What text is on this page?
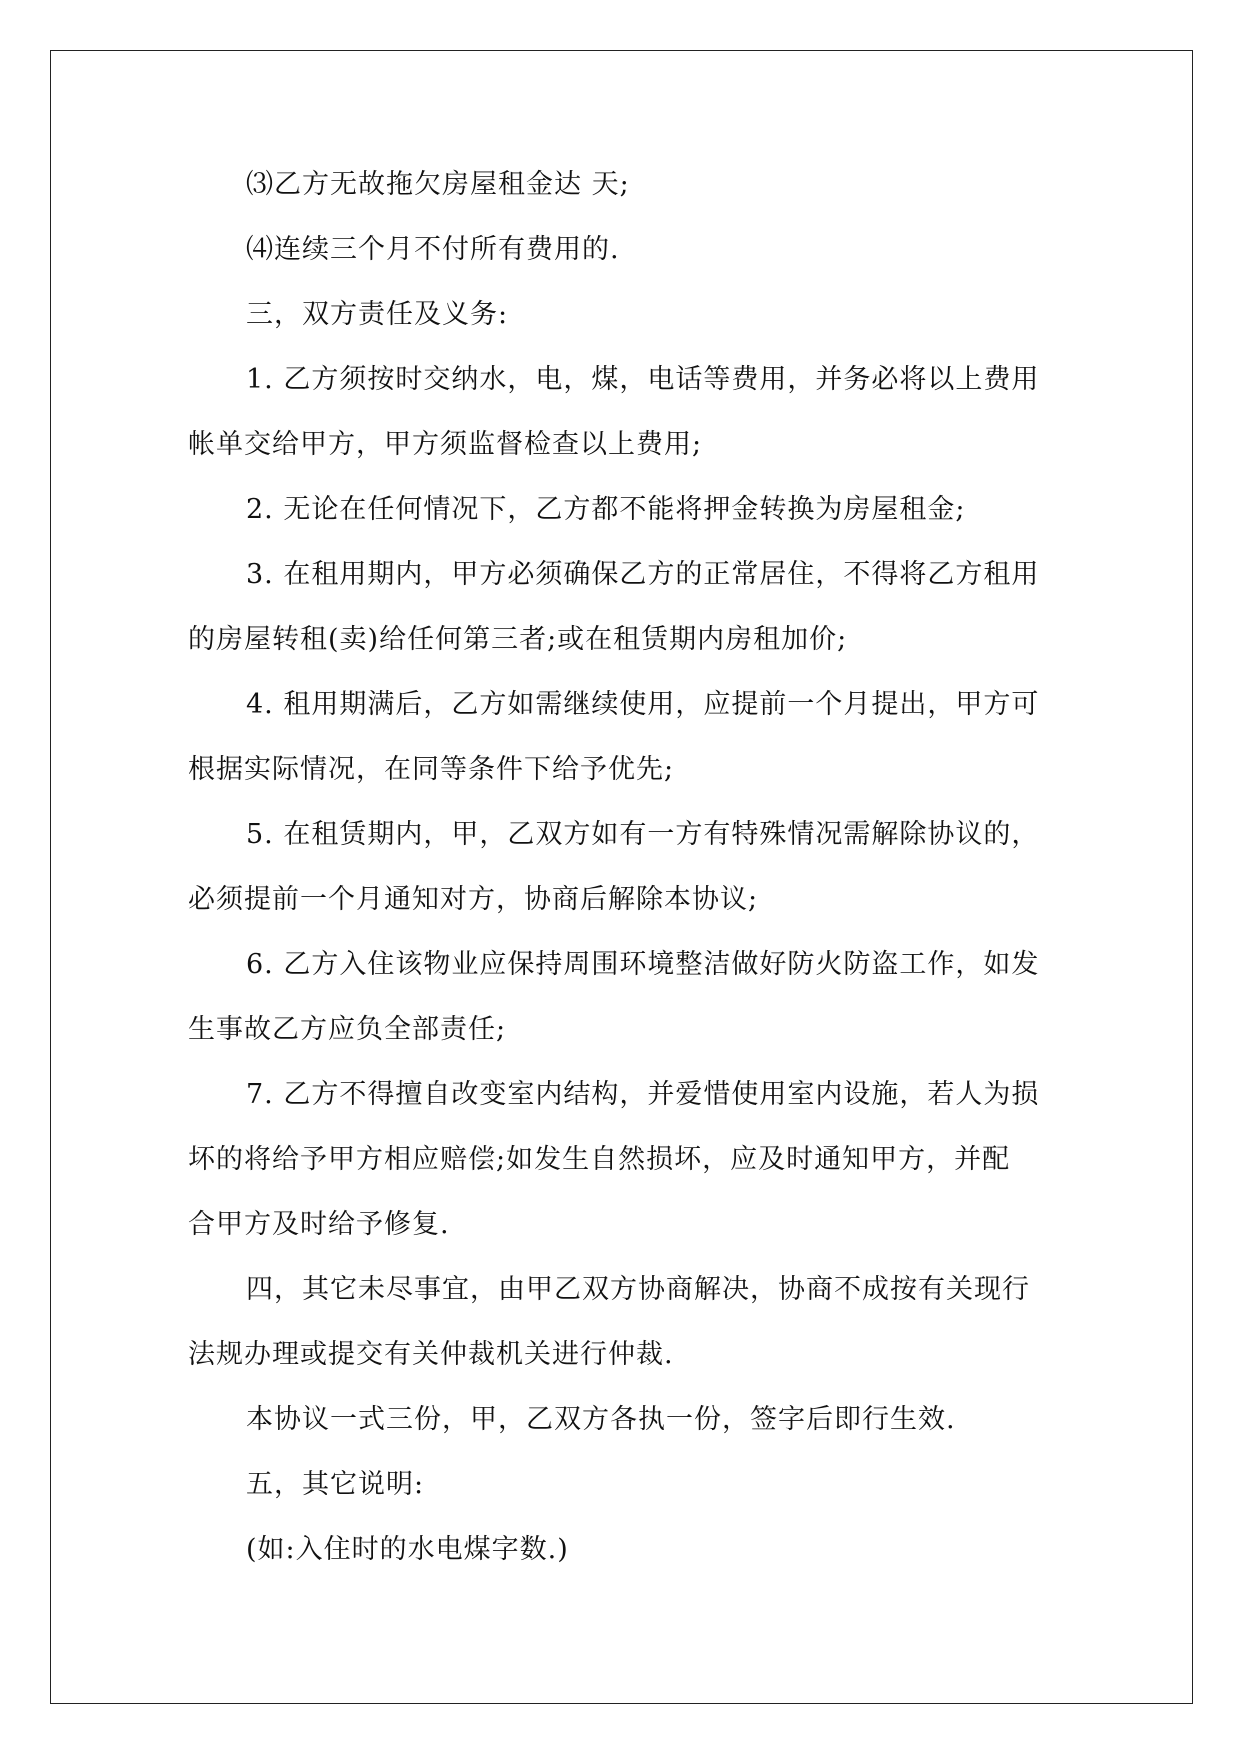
⑶乙方无故拖欠房屋租金达 天;
⑷连续三个月不付所有费用的.
三，双方责任及义务:
1. 乙方须按时交纳水，电，煤，电话等费用，并务必将以上费用
帐单交给甲方，甲方须监督检查以上费用;
2. 无论在任何情况下，乙方都不能将押金转换为房屋租金;
3. 在租用期内，甲方必须确保乙方的正常居住，不得将乙方租用
的房屋转租(卖)给任何第三者;或在租赁期内房租加价;
4. 租用期满后，乙方如需继续使用，应提前一个月提出，甲方可
根据实际情况，在同等条件下给予优先;
5. 在租赁期内，甲，乙双方如有一方有特殊情况需解除协议的，
必须提前一个月通知对方，协商后解除本协议;
6. 乙方入住该物业应保持周围环境整洁做好防火防盗工作，如发
生事故乙方应负全部责任;
7. 乙方不得擅自改变室内结构，并爱惜使用室内设施，若人为损
坏的将给予甲方相应赔偿;如发生自然损坏，应及时通知甲方，并配
合甲方及时给予修复.
四，其它未尽事宜，由甲乙双方协商解决，协商不成按有关现行
法规办理或提交有关仲裁机关进行仲裁.
本协议一式三份，甲，乙双方各执一份，签字后即行生效.
五，其它说明:
(如:入住时的水电煤字数.)
